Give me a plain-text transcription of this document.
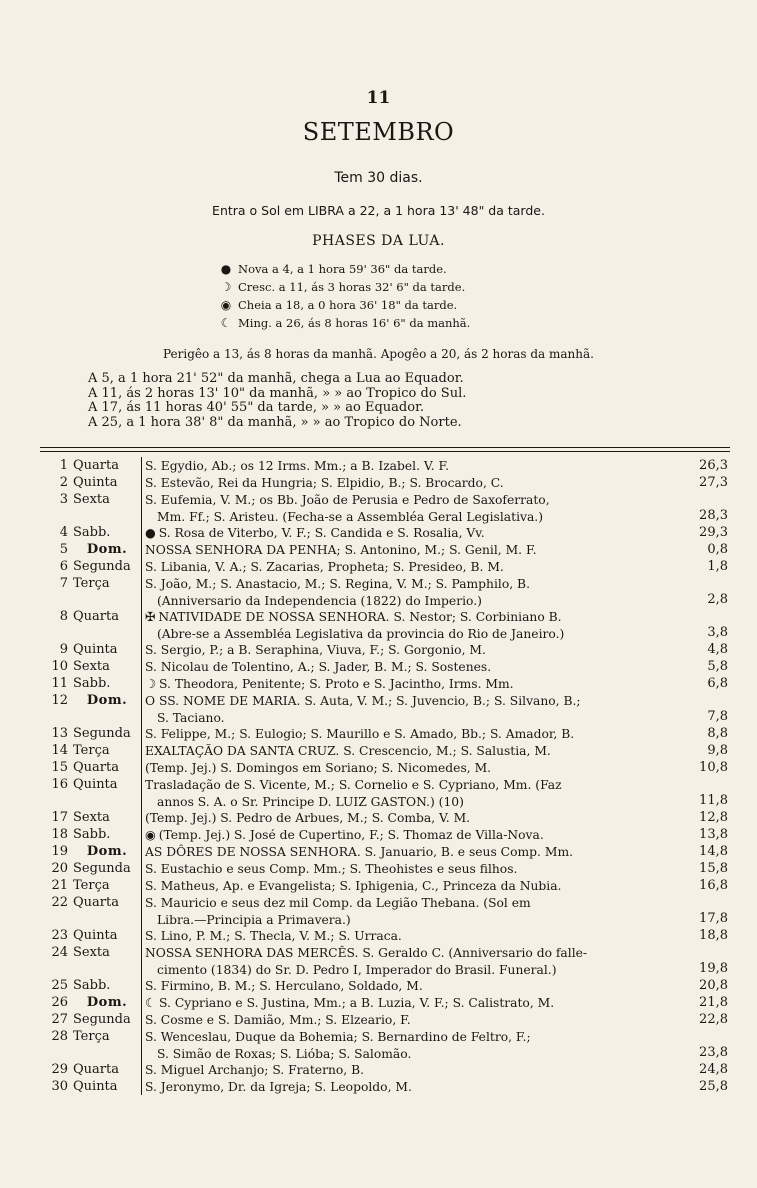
11
SETEMBRO
Tem 30 dias.
Entra o Sol em LIBRA a 22, a 1 hora 13' 48" da tarde.
PHASES DA LUA.
● Nova a 4, a 1 hora 59' 36" da tarde.
☽ Cresc. a 11, ás 3 horas 32' 6" da tarde.
◉ Cheia a 18, a 0 hora 36' 18" da tarde.
☾ Ming. a 26, ás 8 horas 16' 6" da manhã.
Perigêo a 13, ás 8 horas da manhã. Apogêo a 20, ás 2 horas da manhã.
A 5, a 1 hora 21' 52" da manhã, chega a Lua ao Equador.
A 11, ás 2 horas 13' 10" da manhã, » » ao Tropico do Sul.
A 17, ás 11 horas 40' 55" da tarde, » » ao Equador.
A 25, a 1 hora 38' 8" da manhã, » » ao Tropico do Norte.
1 Quarta	S. Egydio, Ab.; os 12 Irms. Mm.; a B. Izabel. V. F.	26,3
2 Quinta	S. Estevão, Rei da Hungria; S. Elpidio, B.; S. Brocardo, C.	27,3
3 Sexta	S. Eufemia, V. M.; os Bb. João de Perusia e Pedro de Saxoferrato,
Mm. Ff.; S. Aristeu. (Fecha-se a Assembléa Geral Legislativa.)	28,3
4 Sabb.	● S. Rosa de Viterbo, V. F.; S. Candida e S. Rosalia, Vv.	29,3
5	Dom.	NOSSA SENHORA DA PENHA; S. Antonino, M.; S. Genil, M. F.	0,8
6 Segunda	S. Libania, V. A.; S. Zacarias, Propheta; S. Presideo, B. M.	1,8
7 Terça	S. João, M.; S. Anastacio, M.; S. Regina, V. M.; S. Pamphilo, B.
(Anniversario da Independencia (1822) do Imperio.)	2,8
8 Quarta	✠ NATIVIDADE DE NOSSA SENHORA. S. Nestor; S. Corbiniano B.
(Abre-se a Assembléa Legislativa da provincia do Rio de Janeiro.)	3,8
9 Quinta	S. Sergio, P.; a B. Seraphina, Viuva, F.; S. Gorgonio, M.	4,8
10 Sexta	S. Nicolau de Tolentino, A.; S. Jader, B. M.; S. Sostenes.	5,8
11 Sabb.	☽ S. Theodora, Penitente; S. Proto e S. Jacintho, Irms. Mm.	6,8
12	Dom.	O SS. NOME DE MARIA. S. Auta, V. M.; S. Juvencio, B.; S. Silvano, B.;
S. Taciano.	7,8
13 Segunda	S. Felippe, M.; S. Eulogio; S. Maurillo e S. Amado, Bb.; S. Amador, B.	8,8
14 Terça	EXALTAÇÃO DA SANTA CRUZ. S. Crescencio, M.; S. Salustia, M.	9,8
15 Quarta	(Temp. Jej.) S. Domingos em Soriano; S. Nicomedes, M.	10,8
16 Quinta	Trasladação de S. Vicente, M.; S. Cornelio e S. Cypriano, Mm. (Faz
annos S. A. o Sr. Principe D. LUIZ GASTON.) (10)	11,8
17 Sexta	(Temp. Jej.) S. Pedro de Arbues, M.; S. Comba, V. M.	12,8
18 Sabb.	◉ (Temp. Jej.) S. José de Cupertino, F.; S. Thomaz de Villa-Nova.	13,8
19	Dom.	AS DÔRES DE NOSSA SENHORA. S. Januario, B. e seus Comp. Mm.	14,8
20 Segunda	S. Eustachio e seus Comp. Mm.; S. Theohistes e seus filhos.	15,8
21 Terça	S. Matheus, Ap. e Evangelista; S. Iphigenia, C., Princeza da Nubia.	16,8
22 Quarta	S. Mauricio e seus dez mil Comp. da Legião Thebana. (Sol em
Libra.—Principia a Primavera.)	17,8
23 Quinta	S. Lino, P. M.; S. Thecla, V. M.; S. Urraca.	18,8
24 Sexta	NOSSA SENHORA DAS MERCÊS. S. Geraldo C. (Anniversario do falle-
cimento (1834) do Sr. D. Pedro I, Imperador do Brasil. Funeral.)	19,8
25 Sabb.	S. Firmino, B. M.; S. Herculano, Soldado, M.	20,8
26	Dom.	☾ S. Cypriano e S. Justina, Mm.; a B. Luzia, V. F.; S. Calistrato, M.	21,8
27 Segunda	S. Cosme e S. Damião, Mm.; S. Elzeario, F.	22,8
28 Terça	S. Wenceslau, Duque da Bohemia; S. Bernardino de Feltro, F.;
S. Simão de Roxas; S. Lióba; S. Salomão.	23,8
29 Quarta	S. Miguel Archanjo; S. Fraterno, B.	24,8
30 Quinta	S. Jeronymo, Dr. da Igreja; S. Leopoldo, M.	25,8
